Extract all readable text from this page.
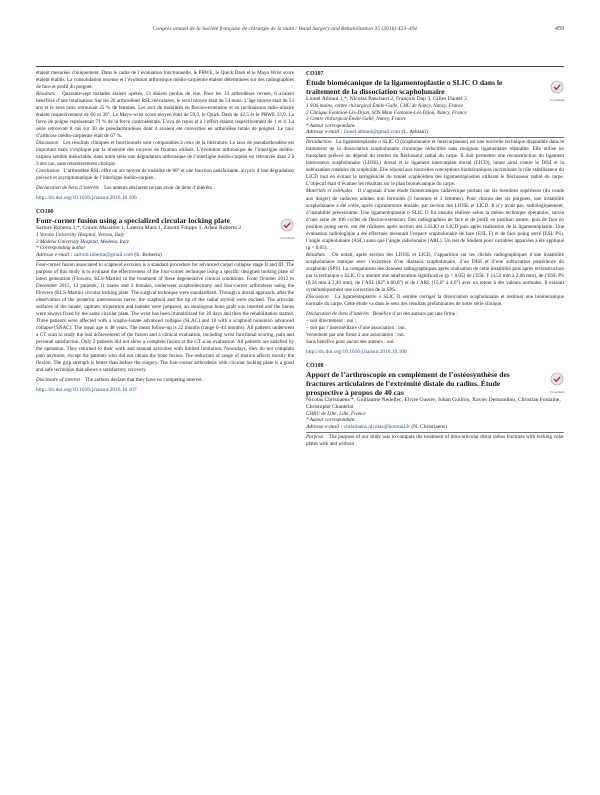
Congrès annuel de la Société française de chirurgie de la main / Hand Surgery and Rehabilitation 35 (2016) 423–491	459

étaient mesurées cliniquement. Dans le cadre de l’évaluation fonctionnelle, le PRWE, le Quick Dash et le Mayo Wrist score étaient établis. La consolidation osseuse et l’évolution arthrosique médio-carpienne étaient déterminées sur des radiographies de face et profil du poignet.

Résultats Quarante-sept malades étaient opérés, 13 étaient perdus de vue. Pour les 34 arthrodèses revues, 6 avaient bénéficié d’une totalisation. Sur les 26 arthrodèses RSL réévaluées, le recul moyen était de 54 mois. L’âge moyen était de 53 ans et le sexe ratio retrouvait 25 % de femmes. Les arcs de mobilités en flexion-extension et en inclinaisons radio-ulnaire étaient respectivement de 60 et 30°. Le Mayo-wrist score moyen était de 59,3, le Quick Dash de 42,5 et le PRWE 33,9. La force de poigne représentait 71 % de la force controlatérale. L’eva de repos et à l’effort étaient respectivement de 1 et 4. La série retrouvait 8 cas sur 30 de pseudarthrodèses dont 4 avaient été converties en arthrodèse totale de poignet. Le taux d’arthrose médio-carpienne était de 67 %.

Discussion Les résultats cliniques et fonctionnels sont comparables à ceux de la littérature. Le taux de pseudarthrodèse est important mais s’explique par la diversité des moyens de fixation utilisés. L’évolution arthrosique de l’interligne médio-carpien semble inéluctable, dans notre série une dégradation arthrosique de l’interligne médio-carpien est retrouvée dans 2 à 3 des cas, sans retentissement clinique.

Conclusion L’arthrodèse RSL offre un arc moyen de mobilité de 60° et une fonction satisfaisante, au prix d’une dégradation précoce et asymptomatique de l’interligne médio-carpien.

Déclaration de liens d’intérêts Les auteurs déclarent ne pas avoir de liens d’intérêts.

http://dx.doi.org/10.1016/j.hansur.2016.10.106
CO106
Four-corner fusion using a specialized circular locking plate
CrossMark
Sartore Roberta 1,*, Corain Massimo 1, Laterza Mara 1, Zanotti Filippo 1, Adani Roberto 2
1 Verona University Hospital, Verona, Italy
2 Modena University Hospital, Modena, Italy
* Corresponding author
Adresse e-mail : sartore.roberta@gmail.com (S. Roberta)

Four-corner fusion associated to scaphoid excision is a standard procedure for advanced carpal collapse stage II and III. The purpose of this study is to evaluate the effectiveness of the four-corner technique using a specific designed locking plate of latest generation (Flowero, KLS-Martin) in the treatment of these degenerative clinical conditions. From October 2012 to December 2015, 13 patients, 11 males and 2 females, underwent scaphoidectomy and four-corner arthrodesis using the Flowero (KLS-Martin) circular locking plate. The surgical technique were standardized. Through a dorsal approach, after the observation of the posterior interosseous nerve, the scaphoid and the tip of the radial styloid were excised. The articular surfaces of the lunate, capitate, triquetrum and hamate were prepared, an autologous bone graft was inserted and the bones were always fixed by the same circular plate. The wrist has been immobilized for 20 days and then the rehabilitation started. Three patients were affected with a scapho-lunate advanced collapse (SLAC) and 10 with a scaphoid nonunion advanced collapse (SNAC). The mean age is 48 years. The mean follow-up is 22 months (range 6–44 months). All patients underwent a CT scan to study the real achievement of the fusion and a clinical evaluation, including wrist functional scoring, pain and personal satisfaction. Only 2 patients did not show a complete fusion at the CT scan evaluation. All patients are satisfied by the operation. They returned to their work and manual activities with limited limitation. Nowadays, they do not complain pain anymore, except the patients who did not obtain the bone fusion. The reduction of range of motion affects mostly the flexion. The grip strength is better than before the surgery. The four-corner arthrodesis with circular locking plate is a good and safe technique that allows a satisfactory recovery.

Disclosure of interest The authors declare that they have no competing interest.

http://dx.doi.org/10.1016/j.hansur.2016.10.107
CO107
Étude biomécanique de la ligamentoplastie o SLIC O dans le traitement de la dissociation scapholunaire
CrossMark
Lionel Athlani 1,*, Nicolas Pauchard 2, François Dap 3, Gilles Dautel 3
1 SOS mains, centre chirurgical Émile-Gallé, CHU de Nancy, Nancy, France
2 Clinique Fontaine-Lès-Dijon, SOS Main Fontaine-Lès-Dijon, Nancy, France
3 Centre chirurgical Émile-Gallé, Nancy, France
* Auteur correspondant.
Adresse e-mail : lionel.athlani@gmail.com (L. Athlani)

Introduction La ligamentoplastie o SLIC O (scapholunaire et intercarpienne) est une nouvelle technique disponible dans le traitement de la dissociation scapholunaire chronique réductible sans moignon ligamentaire réparable. Elle utilise un transplant prélevé au dépend du tendon du fléchisseur radial du carpe. Il doit permettre une reconstruction du ligament interosseux scapholunaire (LIOSL) dorsal et le ligament intercarpien dorsal (LICD), lutant ainsi contre le DISI et la subluxation rotatoire du scaphoïde. Elle répond aux nouvelles conceptions biomécaniques incriminant le rôle stabilisateur du LICD tout en évitant la iatrogénicité du tunnel scaphoïdien des ligamentoplasties utilisant le fléchisseur radial du carpe. L’objectif était d’évaluer les résultats sur le plan biomécanique du carpe.

Matériels et méthodes Il s’agissait d’une étude biomécanique cadavérique portant sur six membres supérieurs (du coude aux doigts) de cadavres adultes non formolés (3 hommes et 3 femmes). Pour chacun des six poignets, une instabilité scapholunaire a été créée, après capsulotomie dorsale, par section des LIOSL et LICD. Il n’y avait pas, radiologiquement, d’instabilité préexistante. Une ligamentoplastie o SLIC O fut ensuite réalisée selon la même technique opératoire, suivie d’une série de 100 cycles de flexion-extension. Des radiographies de face et de profil en position neutre, puis de face en position poing serré, ont été réalisées après section des LSLIO et LICD puis après réalisation de la ligamentoplastie. Une évaluation radiologique a été effectuée mesurant l’espace scapholunaire de face (ESL F) et de face poing serré (ESL PS), l’angle scapholunaire (ASL) ainsi que l’angle radiolunaire (ARL). Un test de Student pour variables appariées a été appliqué (p < 0,05).

Résultats On notait, après section des LIOSL et LICD, l’apparition sur les clichés radiographiques d’une instabilité scapholunaire statique avec l’existence d’un diastasis scapholunaire, d’un DISI et d’une subluxation postérieure du scaphoïde (SPS). La comparaison des données radiographiques après réalisation de cette instabilité puis après reconstruction par la technique o SLIC O a montré une amélioration significative (p < 0,05) de l’ESL F (4,52 mm à 2,06 mm), de l’ESL PS (6,24 mm à 2,46 mm), de l’ASL (82° à 60,8°) et de l’ARL (15,6° à 4,6°) avec un retour à des valeurs normales. Il existait systématiquement une correction de la SPS.

Discussion La ligamentoplastie o SLIC O semble corriger la dissociation scapholunaire et restituer une biomécanique normale du carpe. Cette étude va dans le sens des résultats préliminaires de notre série clinique.

Déclaration de liens d’intérêts Bénéfice d’un des auteurs par une firme :

– soit directement : oui ;

– soit par l’intermédiaire d’une association : oui.

Versement par une firme à une association : oui.

Sans bénéfice pour aucun des auteurs : oui.

http://dx.doi.org/10.1016/j.hansur.2016.10.108
CO108
Apport de l’arthroscopie en complément de l’ostéosynthèse des fractures articulaires de l’extrémité distale du radius. Étude prospective à propos de 40 cas	CrossMark
Nicolas Christiaens *, Guillaume Nedellec, Elvire Guerre, Johan Guillou, Xavier Demondion, Christian Fontaine, Christophe Chantelot
CHRU de Lille, Lille, France
* Auteur correspondant.
Adresse e-mail : christiaens.nicolas@hotmail.fr (N. Christiaens)

Purpose The purpose of our study was to compare the treatment of intra-articular distal radius fractures with locking volar plates with and without
